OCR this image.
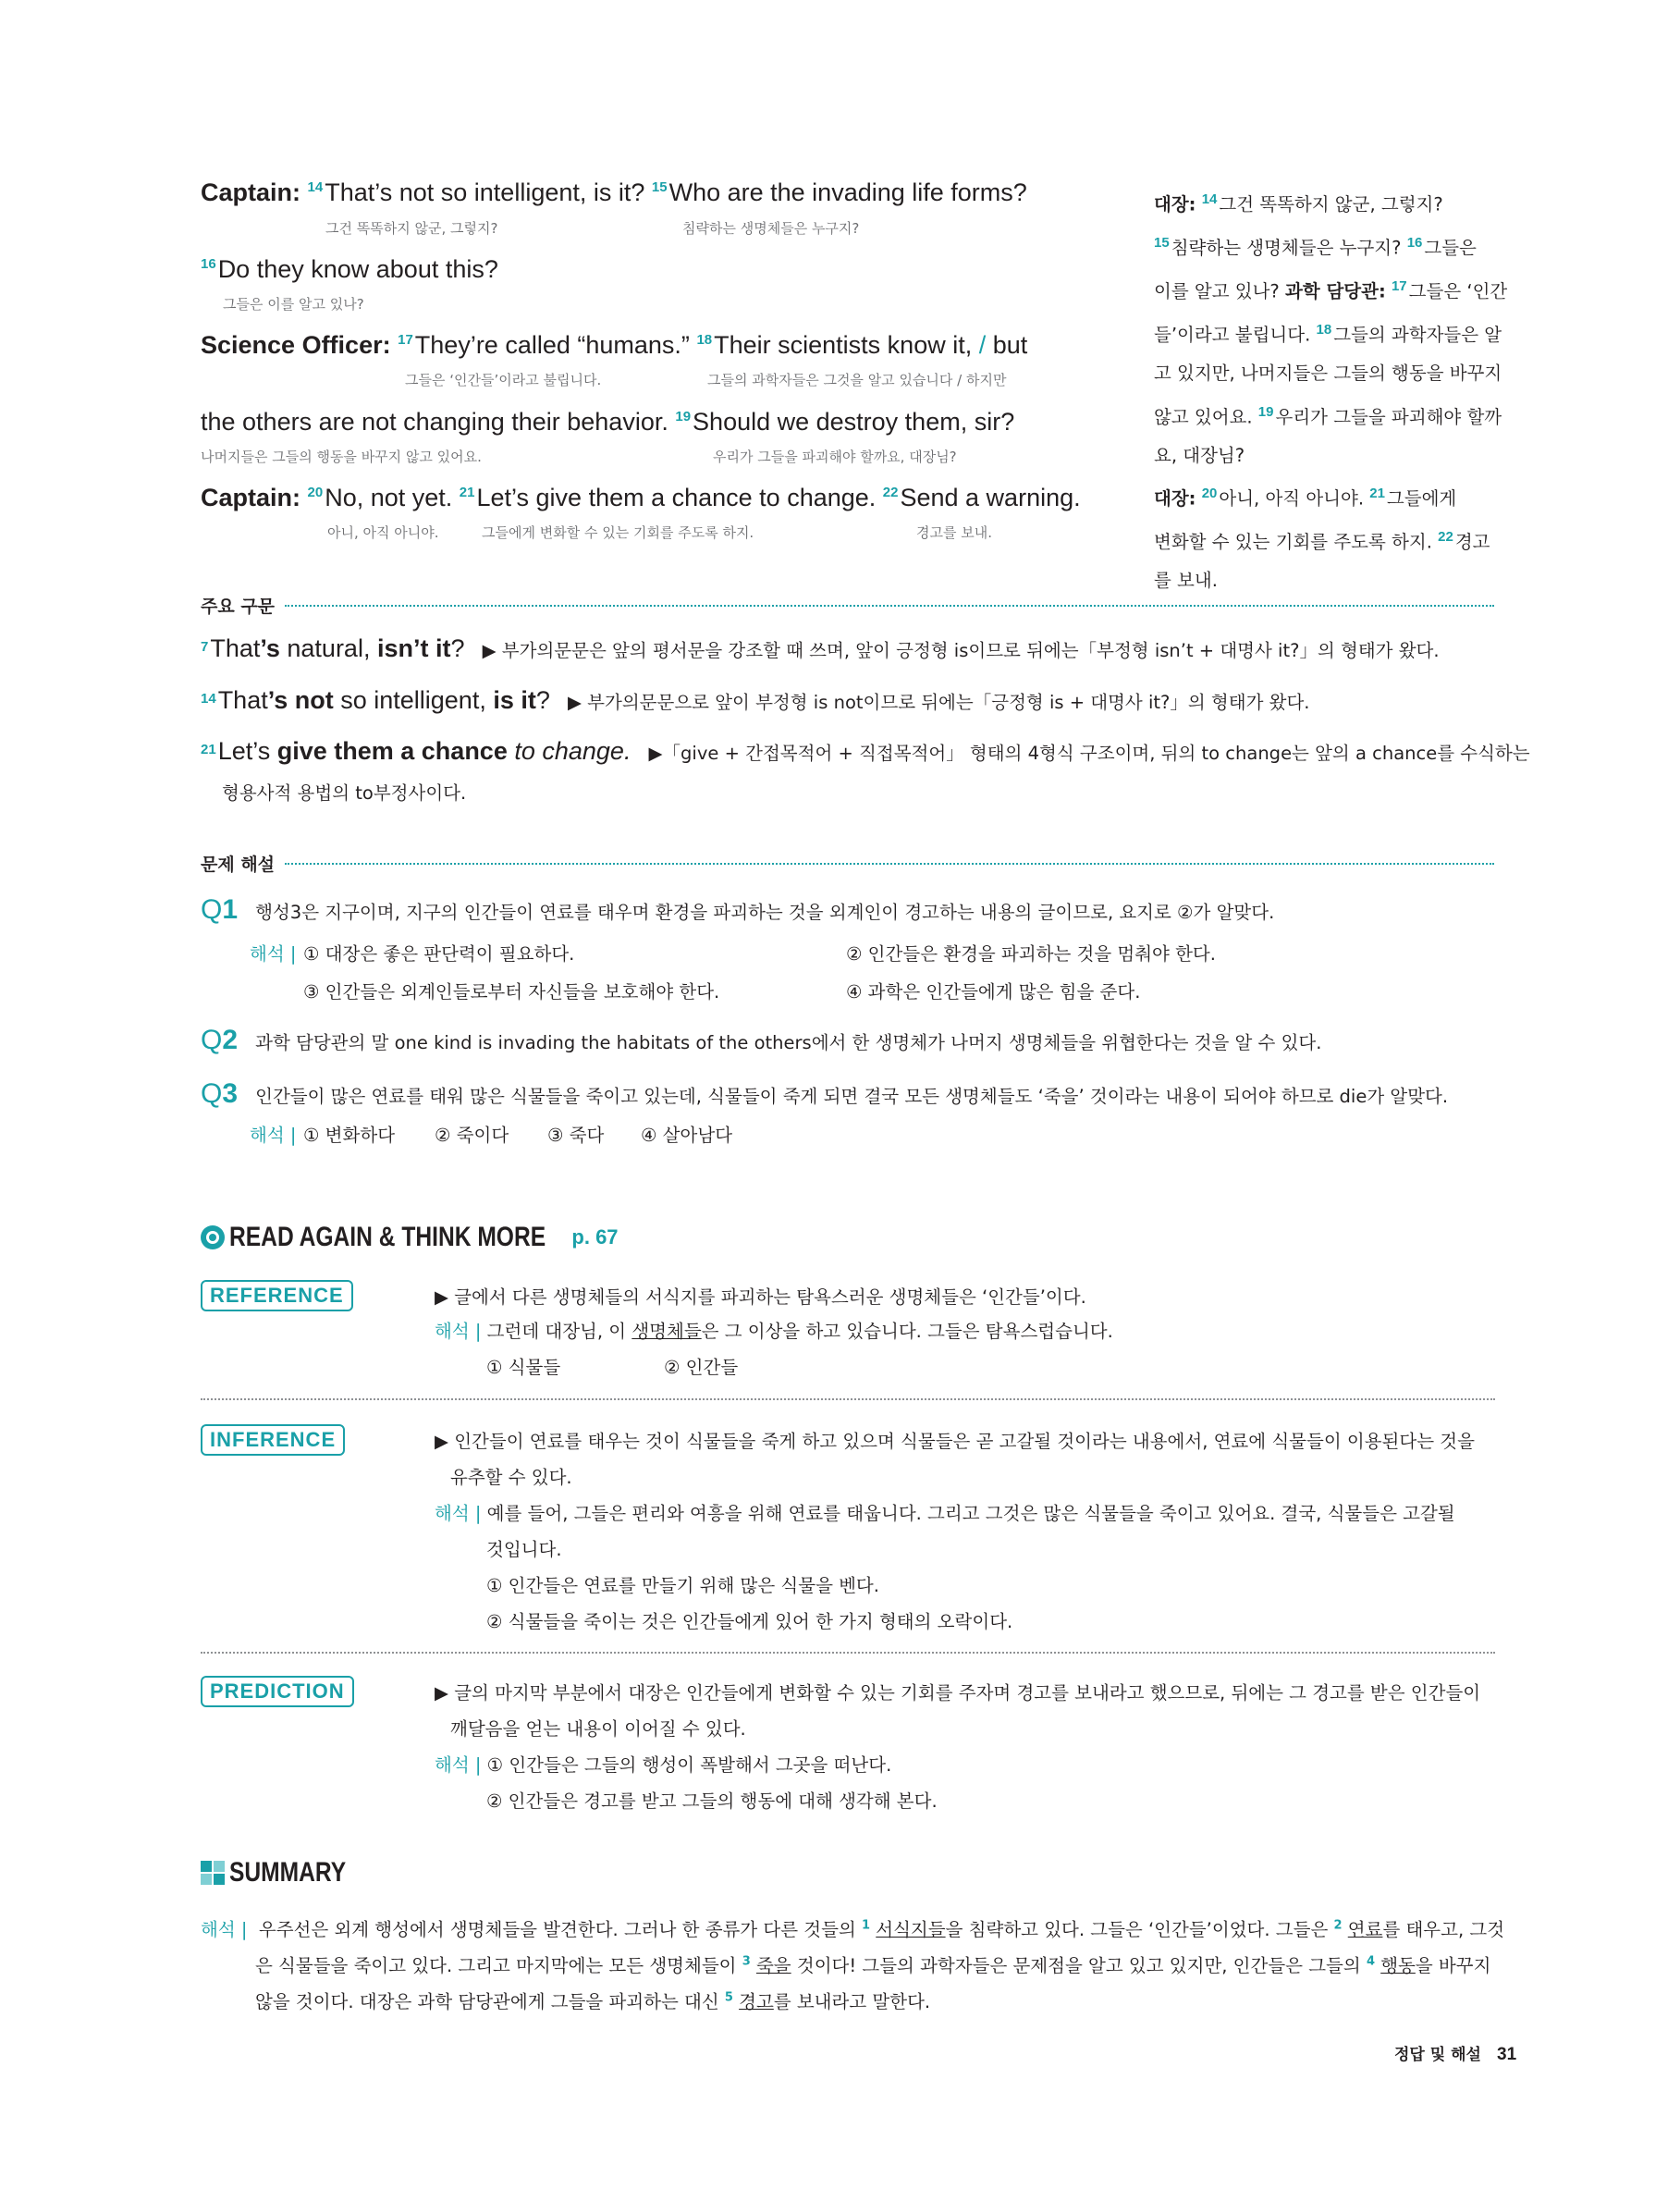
Captain: $^{14}$That’s not so intelligent, is it? $^{15}$Who are the invading life forms?
그건 똑똑하지 않군, 그렇지?	침략하는 생명체들은 누구지?
$^{16}$Do they know about this?
그들은 이를 알고 있나?
Science Officer: $^{17}$They’re called “humans.” $^{18}$Their scientists know it, / but
그들은 ‘인간들’이라고 불립니다.	그들의 과학자들은 그것을 알고 있습니다 / 하지만
the others are not changing their behavior. $^{19}$Should we destroy them, sir?
나머지들은 그들의 행동을 바꾸지 않고 있어요.	우리가 그들을 파괴해야 할까요, 대장님?
Captain: $^{20}$No, not yet. $^{21}$Let’s give them a chance to change. $^{22}$Send a warning.
아니, 아직 아니야.	그들에게 변화할 수 있는 기회를 주도록 하지.	경고를 보내.
대장: $^{14}$ 그건 똑똑하지 않군, 그렇지?
$^{15}$ 침략하는 생명체들은 누구지? $^{16}$ 그들은
이를 알고 있나? 과학 담당관: $^{17}$ 그들은 ‘인간
들’이라고 불립니다. $^{18}$ 그들의 과학자들은 알
고 있지만, 나머지들은 그들의 행동을 바꾸지
않고 있어요. $^{19}$ 우리가 그들을 파괴해야 할까
요, 대장님?
대장: $^{20}$ 아니, 아직 아니야. $^{21}$ 그들에게
변화할 수 있는 기회를 주도록 하지. $^{22}$ 경고
를 보내.
주요 구문
7That’s natural, isn’t it? ▶ 부가의문문은 앞의 평서문을 강조할 때 쓰며, 앞이 긍정형 is이므로 뒤에는「부정형 isn’t + 대명사 it?」의 형태가 왔다.
14That’s not so intelligent, is it? ▶ 부가의문문으로 앞이 부정형 is not이므로 뒤에는「긍정형 is + 대명사 it?」의 형태가 왔다.
21Let’s give them a chance to change. ▶「give + 간접목적어 + 직접목적어」 형태의 4형식 구조이며, 뒤의 to change는 앞의 a chance를 수식하는
형용사적 용법의 to부정사이다.
문제 해설
Q1 행성3은 지구이며, 지구의 인간들이 연료를 태우며 환경을 파괴하는 것을 외계인이 경고하는 내용의 글이므로, 요지로 ②가 알맞다.
해석 | ① 대장은 좋은 판단력이 필요하다.	② 인간들은 환경을 파괴하는 것을 멈춰야 한다.
③ 인간들은 외계인들로부터 자신들을 보호해야 한다.	④ 과학은 인간들에게 많은 힘을 준다.
Q2 과학 담당관의 말 one kind is invading the habitats of the others에서 한 생명체가 나머지 생명체들을 위협한다는 것을 알 수 있다.
Q3 인간들이 많은 연료를 태워 많은 식물들을 죽이고 있는데, 식물들이 죽게 되면 결국 모든 생명체들도 ‘죽을’ 것이라는 내용이 되어야 하므로 die가 알맞다.
해석 | ① 변화하다 ② 죽이다 ③ 죽다 ④ 살아남다
READ AGAIN & THINK MORE p. 67
REFERENCE	▶ 글에서 다른 생명체들의 서식지를 파괴하는 탐욕스러운 생명체들은 ‘인간들’이다.
해석 | 그런데 대장님, 이 생명체들은 그 이상을 하고 있습니다. 그들은 탐욕스럽습니다.
① 식물들	② 인간들
INFERENCE	▶ 인간들이 연료를 태우는 것이 식물들을 죽게 하고 있으며 식물들은 곧 고갈될 것이라는 내용에서, 연료에 식물들이 이용된다는 것을
유추할 수 있다.
해석 | 예를 들어, 그들은 편리와 여흥을 위해 연료를 태웁니다. 그리고 그것은 많은 식물들을 죽이고 있어요. 결국, 식물들은 고갈될
것입니다.
① 인간들은 연료를 만들기 위해 많은 식물을 벤다.
② 식물들을 죽이는 것은 인간들에게 있어 한 가지 형태의 오락이다.
PREDICTION	▶ 글의 마지막 부분에서 대장은 인간들에게 변화할 수 있는 기회를 주자며 경고를 보내라고 했으므로, 뒤에는 그 경고를 받은 인간들이
깨달음을 얻는 내용이 이어질 수 있다.
해석 | ① 인간들은 그들의 행성이 폭발해서 그곳을 떠난다.
② 인간들은 경고를 받고 그들의 행동에 대해 생각해 본다.
SUMMARY
해석 | 우주선은 외계 행성에서 생명체들을 발견한다. 그러나 한 종류가 다른 것들의 $^1$ 서식지들을 침략하고 있다. 그들은 ‘인간들’이었다. 그들은 $^2$ 연료를 태우고, 그것
은 식물들을 죽이고 있다. 그리고 마지막에는 모든 생명체들이 $^3$ 죽을 것이다! 그들의 과학자들은 문제점을 알고 있고 있지만, 인간들은 그들의 $^4$ 행동을 바꾸지
않을 것이다. 대장은 과학 담당관에게 그들을 파괴하는 대신 $^5$ 경고를 보내라고 말한다.
정답 및 해설 31
